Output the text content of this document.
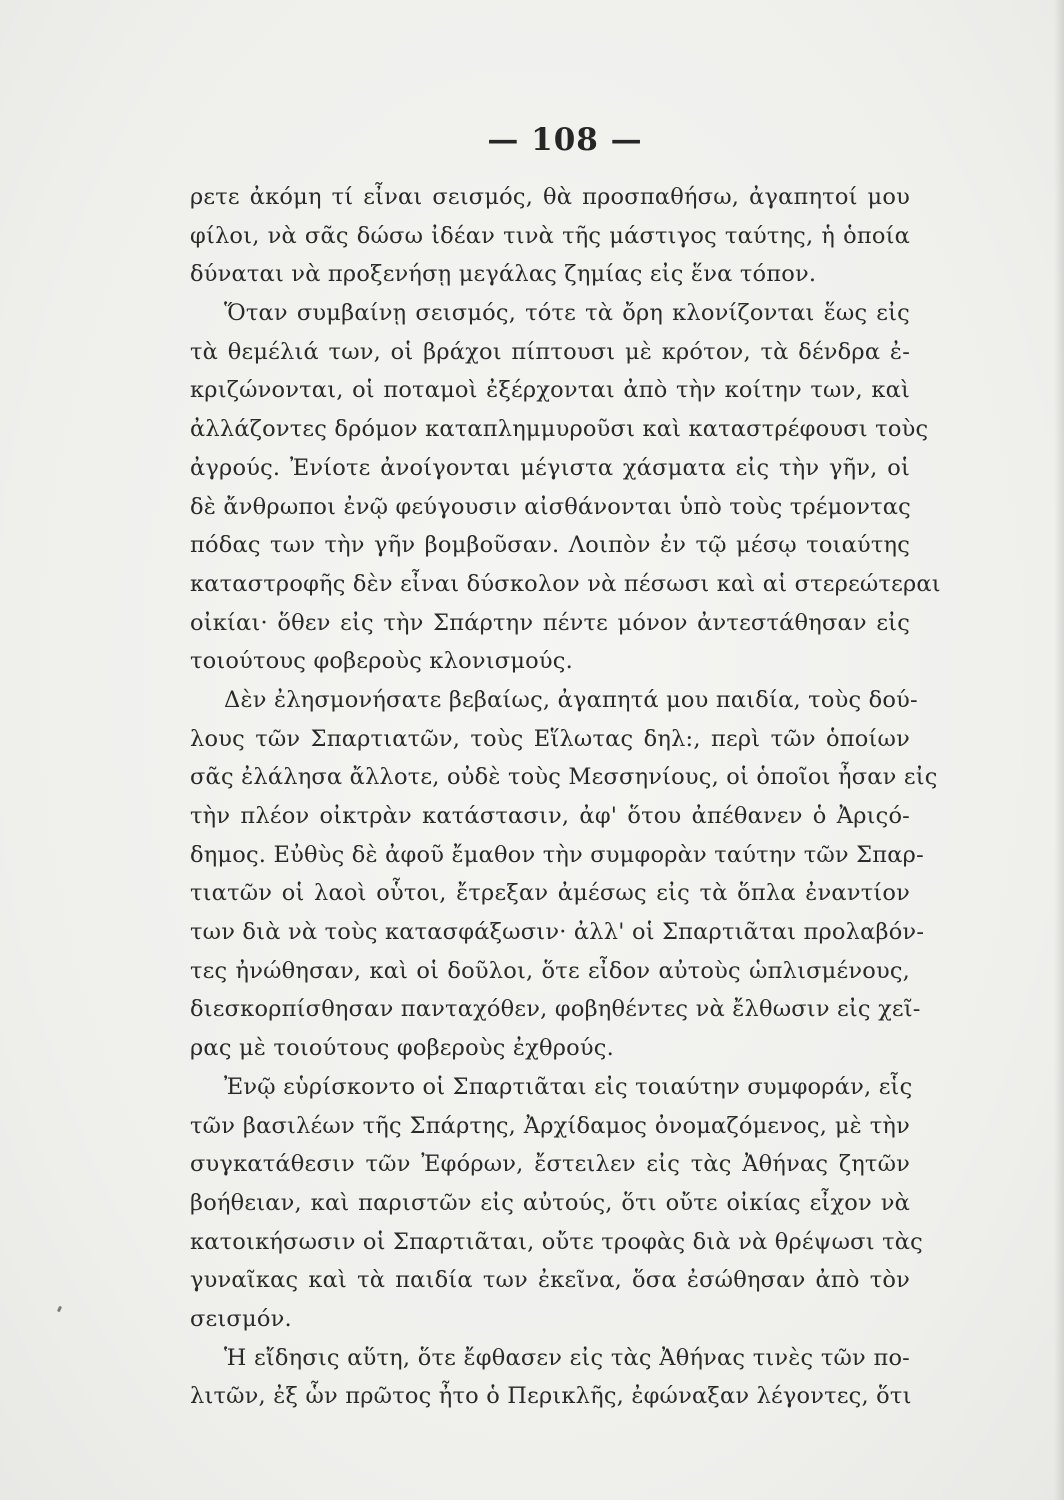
— 108 —
ρετε ἀκόμη τί εἶναι σεισμός, θὰ προσπαθήσω, ἀγαπητοί μου
φίλοι, νὰ σᾶς δώσω ἰδέαν τινὰ τῆς μάστιγος ταύτης, ἡ ὁποία
δύναται νὰ προξενήσῃ μεγάλας ζημίας εἰς ἕνα τόπον.
Ὅταν συμβαίνῃ σεισμός, τότε τὰ ὄρη κλονίζονται ἕως εἰς
τὰ θεμέλιά των, οἱ βράχοι πίπτουσι μὲ κρότον, τὰ δένδρα ἐ-
κριζώνονται, οἱ ποταμοὶ ἐξέρχονται ἀπὸ τὴν κοίτην των, καὶ
ἀλλάζοντες δρόμον καταπλημμυροῦσι καὶ καταστρέφουσι τοὺς
ἀγρούς. Ἐνίοτε ἀνοίγονται μέγιστα χάσματα εἰς τὴν γῆν, οἱ
δὲ ἄνθρωποι ἐνῷ φεύγουσιν αἰσθάνονται ὑπὸ τοὺς τρέμοντας
πόδας των τὴν γῆν βομβοῦσαν. Λοιπὸν ἐν τῷ μέσῳ τοιαύτης
καταστροφῆς δὲν εἶναι δύσκολον νὰ πέσωσι καὶ αἱ στερεώτεραι
οἰκίαι· ὅθεν εἰς τὴν Σπάρτην πέντε μόνον ἀντεστάθησαν εἰς
τοιούτους φοβεροὺς κλονισμούς.
Δὲν ἐλησμονήσατε βεβαίως, ἀγαπητά μου παιδία, τοὺς δού-
λους τῶν Σπαρτιατῶν, τοὺς Εἵλωτας δηλ:, περὶ τῶν ὁποίων
σᾶς ἐλάλησα ἄλλοτε, οὐδὲ τοὺς Μεσσηνίους, οἱ ὁποῖοι ἦσαν εἰς
τὴν πλέον οἰκτρὰν κατάστασιν, ἀφ' ὅτου ἀπέθανεν ὁ Ἀριςό-
δημος. Εὐθὺς δὲ ἀφοῦ ἔμαθον τὴν συμφορὰν ταύτην τῶν Σπαρ-
τιατῶν οἱ λαοὶ οὗτοι, ἔτρεξαν ἀμέσως εἰς τὰ ὅπλα ἐναντίον
των διὰ νὰ τοὺς κατασφάξωσιν· ἀλλ' οἱ Σπαρτιᾶται προλαβόν-
τες ἠνώθησαν, καὶ οἱ δοῦλοι, ὅτε εἶδον αὐτοὺς ὡπλισμένους,
διεσκορπίσθησαν πανταχόθεν, φοβηθέντες νὰ ἔλθωσιν εἰς χεῖ-
ρας μὲ τοιούτους φοβεροὺς ἐχθρούς.
Ἐνῷ εὑρίσκοντο οἱ Σπαρτιᾶται εἰς τοιαύτην συμφοράν, εἷς
τῶν βασιλέων τῆς Σπάρτης, Ἀρχίδαμος ὀνομαζόμενος, μὲ τὴν
συγκατάθεσιν τῶν Ἐφόρων, ἔστειλεν εἰς τὰς Ἀθήνας ζητῶν
βοήθειαν, καὶ παριστῶν εἰς αὐτούς, ὅτι οὔτε οἰκίας εἶχον νὰ
κατοικήσωσιν οἱ Σπαρτιᾶται, οὔτε τροφὰς διὰ νὰ θρέψωσι τὰς
γυναῖκας καὶ τὰ παιδία των ἐκεῖνα, ὅσα ἐσώθησαν ἀπὸ τὸν
σεισμόν.
Ἡ εἴδησις αὕτη, ὅτε ἔφθασεν εἰς τὰς Ἀθήνας τινὲς τῶν πο-
λιτῶν, ἐξ ὧν πρῶτος ἦτο ὁ Περικλῆς, ἐφώναξαν λέγοντες, ὅτι
